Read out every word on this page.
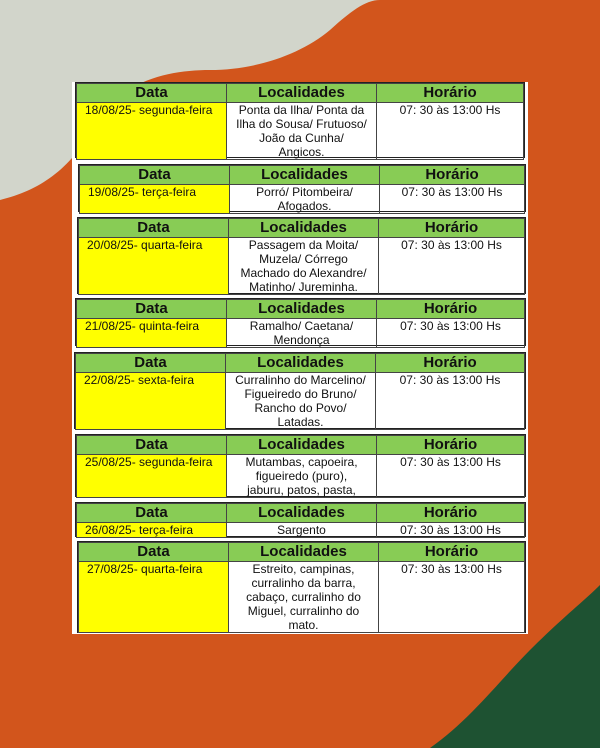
Data	Localidades	Horário
18/08/25- segunda-feira	Ponta da Ilha/ Ponta da
Ilha do Sousa/ Frutuoso/
João da Cunha/
Angicos.	07: 30 às 13:00 Hs
Data	Localidades	Horário
19/08/25- terça-feira	Porró/ Pitombeira/
Afogados.	07: 30 às 13:00 Hs
Data	Localidades	Horário
20/08/25- quarta-feira	Passagem da Moita/
Muzela/ Córrego
Machado do Alexandre/
Matinho/ Jureminha.	07: 30 às 13:00 Hs
Data	Localidades	Horário
21/08/25- quinta-feira	Ramalho/ Caetana/
Mendonça	07: 30 às 13:00 Hs
Data	Localidades	Horário
22/08/25- sexta-feira	Curralinho do Marcelino/
Figueiredo do Bruno/
Rancho do Povo/
Latadas.	07: 30 às 13:00 Hs
Data	Localidades	Horário
25/08/25- segunda-feira	Mutambas, capoeira,
figueiredo (puro),
jaburu, patos, pasta,	07: 30 às 13:00 Hs
Data	Localidades	Horário
26/08/25- terça-feira	Sargento	07: 30 às 13:00 Hs
Data	Localidades	Horário
27/08/25- quarta-feira	Estreito, campinas,
curralinho da barra,
cabaço, curralinho do
Miguel, curralinho do
mato.	07: 30 às 13:00 Hs
